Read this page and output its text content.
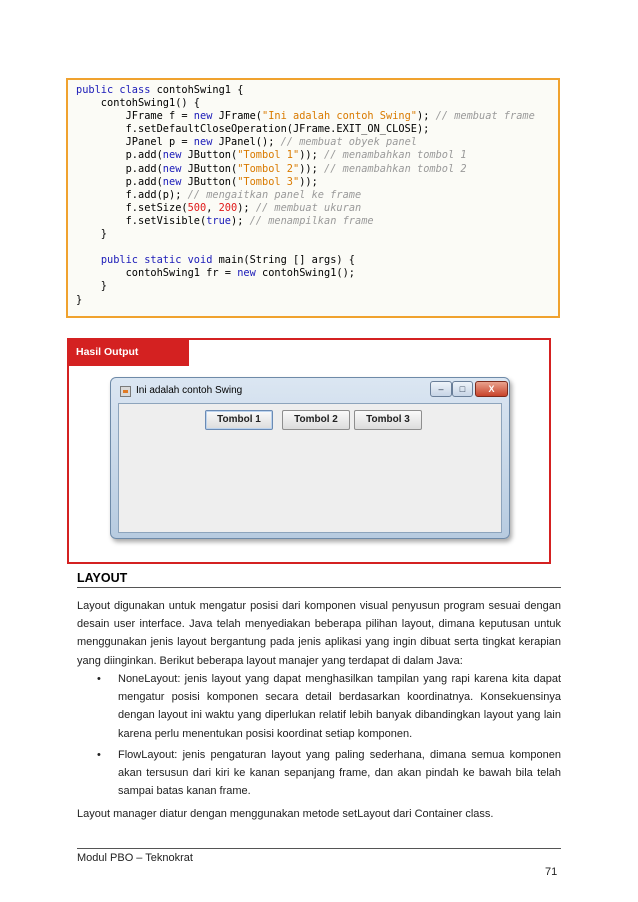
public class contohSwing1 {
contohSwing1() {
JFrame f = new JFrame("Ini adalah contoh Swing"); // membuat frame
f.setDefaultCloseOperation(JFrame.EXIT_ON_CLOSE);
JPanel p = new JPanel(); // membuat obyek panel
p.add(new JButton("Tombol 1")); // menambahkan tombol 1
p.add(new JButton("Tombol 2")); // menambahkan tombol 2
p.add(new JButton("Tombol 3"));
f.add(p); // mengaitkan panel ke frame
f.setSize(500, 200); // membuat ukuran
f.setVisible(true); // menampilkan frame
}
public static void main(String [] args) {
contohSwing1 fr = new contohSwing1();
}
}
Hasil Output
Ini adalah contoh Swing	–	□	X
Tombol 1	Tombol 2	Tombol 3
LAYOUT

Layout digunakan untuk mengatur posisi dari komponen visual penyusun program sesuai dengan desain user interface. Java telah menyediakan beberapa pilihan layout, dimana keputusan untuk menggunakan jenis layout bergantung pada jenis aplikasi yang ingin dibuat serta tingkat kerapian yang diinginkan. Berikut beberapa layout manajer yang terdapat di dalam Java:

• NoneLayout: jenis layout yang dapat menghasilkan tampilan yang rapi karena kita dapat mengatur posisi komponen secara detail berdasarkan koordinatnya. Konsekuensinya dengan layout ini waktu yang diperlukan relatif lebih banyak dibandingkan layout yang lain karena perlu menentukan posisi koordinat setiap komponen.
• FlowLayout: jenis pengaturan layout yang paling sederhana, dimana semua komponen akan tersusun dari kiri ke kanan sepanjang frame, dan akan pindah ke bawah bila telah sampai batas kanan frame.

Layout manager diatur dengan menggunakan metode setLayout dari Container class.

Modul PBO – Teknokrat
71
